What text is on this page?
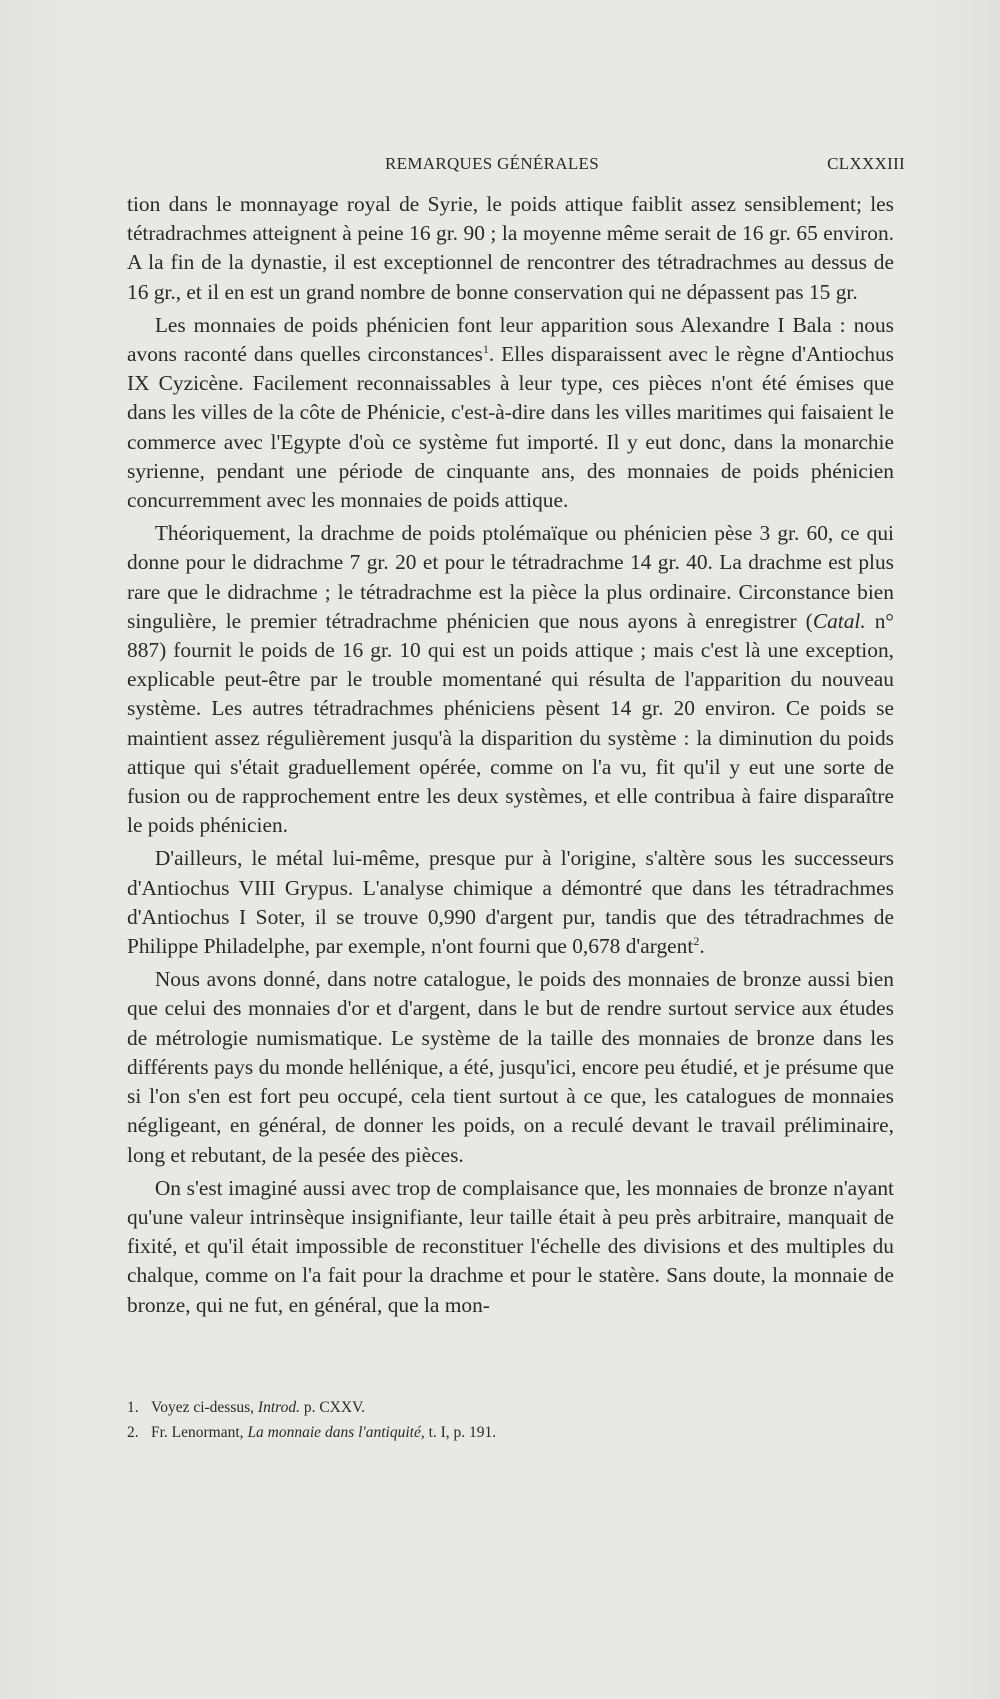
REMARQUES GÉNÉRALES	CLXXXIII

tion dans le monnayage royal de Syrie, le poids attique faiblit assez sensiblement; les tétradrachmes atteignent à peine 16 gr. 90 ; la moyenne même serait de 16 gr. 65 environ. A la fin de la dynastie, il est exceptionnel de rencontrer des tétradrachmes au dessus de 16 gr., et il en est un grand nombre de bonne conservation qui ne dépassent pas 15 gr.

Les monnaies de poids phénicien font leur apparition sous Alexandre I Bala : nous avons raconté dans quelles circonstances$^1$. Elles disparaissent avec le règne d'Antiochus IX Cyzicène. Facilement reconnaissables à leur type, ces pièces n'ont été émises que dans les villes de la côte de Phénicie, c'est-à-dire dans les villes maritimes qui faisaient le commerce avec l'Egypte d'où ce système fut importé. Il y eut donc, dans la monarchie syrienne, pendant une période de cinquante ans, des monnaies de poids phénicien concurremment avec les monnaies de poids attique.

Théoriquement, la drachme de poids ptolémaïque ou phénicien pèse 3 gr. 60, ce qui donne pour le didrachme 7 gr. 20 et pour le tétradrachme 14 gr. 40. La drachme est plus rare que le didrachme ; le tétradrachme est la pièce la plus ordinaire. Circonstance bien singulière, le premier tétradrachme phénicien que nous ayons à enregistrer (Catal. n° 887) fournit le poids de 16 gr. 10 qui est un poids attique ; mais c'est là une exception, explicable peut-être par le trouble momentané qui résulta de l'apparition du nouveau système. Les autres tétradrachmes phéniciens pèsent 14 gr. 20 environ. Ce poids se maintient assez régulièrement jusqu'à la disparition du système : la diminution du poids attique qui s'était graduellement opérée, comme on l'a vu, fit qu'il y eut une sorte de fusion ou de rapprochement entre les deux systèmes, et elle contribua à faire disparaître le poids phénicien.

D'ailleurs, le métal lui-même, presque pur à l'origine, s'altère sous les successeurs d'Antiochus VIII Grypus. L'analyse chimique a démontré que dans les tétradrachmes d'Antiochus I Soter, il se trouve 0,990 d'argent pur, tandis que des tétradrachmes de Philippe Philadelphe, par exemple, n'ont fourni que 0,678 d'argent$^2$.

Nous avons donné, dans notre catalogue, le poids des monnaies de bronze aussi bien que celui des monnaies d'or et d'argent, dans le but de rendre surtout service aux études de métrologie numismatique. Le système de la taille des monnaies de bronze dans les différents pays du monde hellénique, a été, jusqu'ici, encore peu étudié, et je présume que si l'on s'en est fort peu occupé, cela tient surtout à ce que, les catalogues de monnaies négligeant, en général, de donner les poids, on a reculé devant le travail préliminaire, long et rebutant, de la pesée des pièces.

On s'est imaginé aussi avec trop de complaisance que, les monnaies de bronze n'ayant qu'une valeur intrinsèque insignifiante, leur taille était à peu près arbitraire, manquait de fixité, et qu'il était impossible de reconstituer l'échelle des divisions et des multiples du chalque, comme on l'a fait pour la drachme et pour le statère. Sans doute, la monnaie de bronze, qui ne fut, en général, que la mon-

1. Voyez ci-dessus, Introd. p. CXXV.

2. Fr. Lenormant, La monnaie dans l'antiquité, t. I, p. 191.
